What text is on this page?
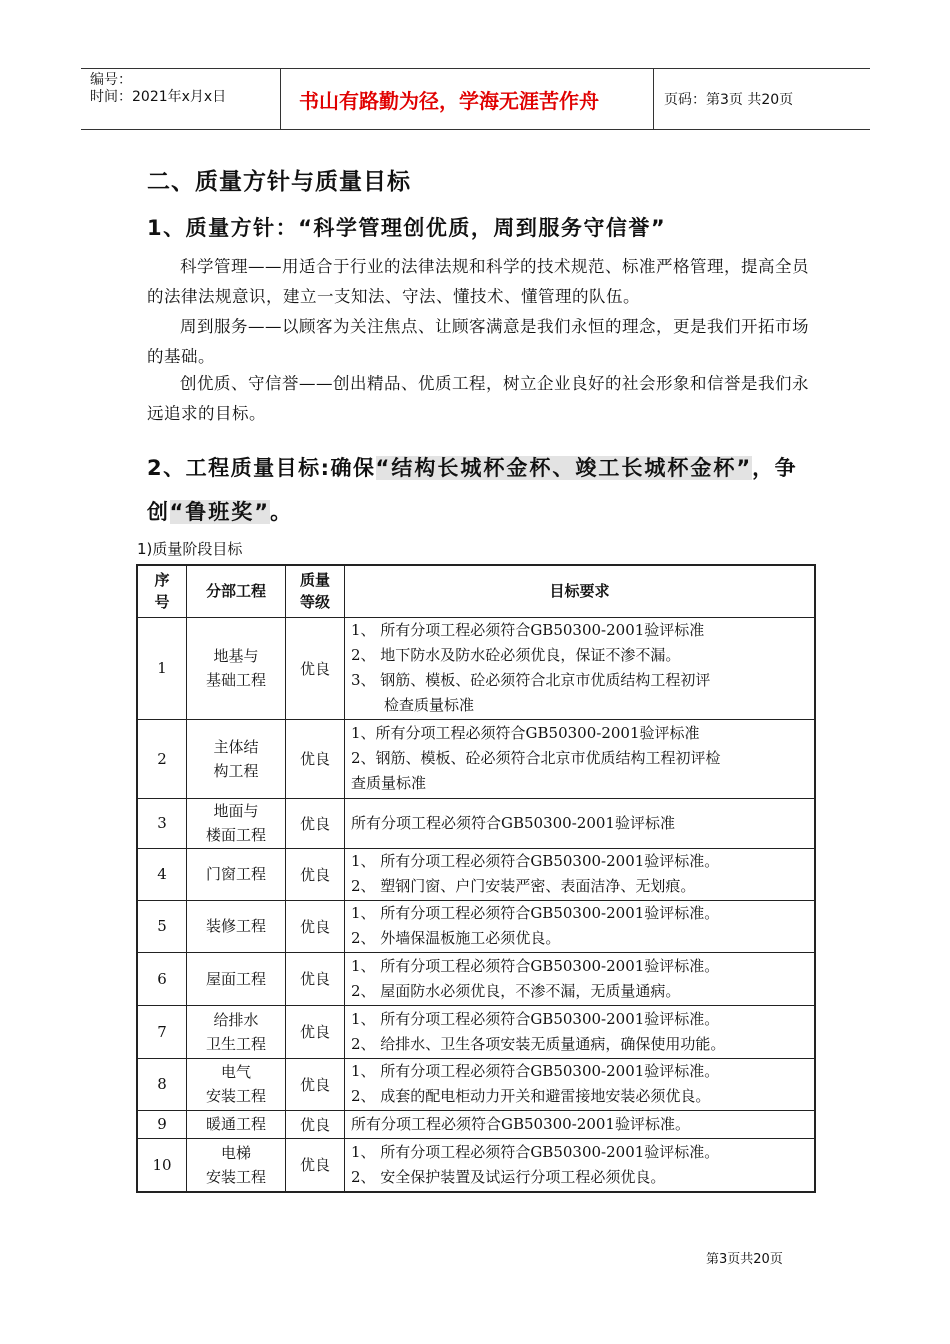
编号：
时间：2021年x月x日	书山有路勤为径，学海无涯苦作舟	页码：第3页 共20页
二、质量方针与质量目标
1、质量方针：“科学管理创优质，周到服务守信誉”
科学管理——用适合于行业的法律法规和科学的技术规范、标准严格管理，提高全员的法律法规意识，建立一支知法、守法、懂技术、懂管理的队伍。
周到服务——以顾客为关注焦点、让顾客满意是我们永恒的理念，更是我们开拓市场的基础。
创优质、守信誉——创出精品、优质工程，树立企业良好的社会形象和信誉是我们永远追求的目标。
2、工程质量目标:确保“结构长城杯金杯、竣工长城杯金杯”，争创“鲁班奖”。
1)质量阶段目标
序号	分部工程	质量等级	目标要求
1	地基与
基础工程	优良	1、 所有分项工程必须符合GB50300-2001验评标准
2、 地下防水及防水砼必须优良，保证不渗不漏。
3、 钢筋、模板、砼必须符合北京市优质结构工程初评
检查质量标准

2	主体结
构工程	优良	1、所有分项工程必须符合GB50300-2001验评标准
2、钢筋、模板、砼必须符合北京市优质结构工程初评检
查质量标准

3	地面与
楼面工程	优良	所有分项工程必须符合GB50300-2001验评标准

4	门窗工程	优良	1、 所有分项工程必须符合GB50300-2001验评标准。
2、 塑钢门窗、户门安装严密、表面洁净、无划痕。

5	装修工程	优良	1、 所有分项工程必须符合GB50300-2001验评标准。
2、 外墙保温板施工必须优良。

6	屋面工程	优良	1、 所有分项工程必须符合GB50300-2001验评标准。
2、 屋面防水必须优良，不渗不漏，无质量通病。

7	给排水
卫生工程	优良	1、 所有分项工程必须符合GB50300-2001验评标准。
2、 给排水、卫生各项安装无质量通病，确保使用功能。

8	电气
安装工程	优良	1、 所有分项工程必须符合GB50300-2001验评标准。
2、 成套的配电柜动力开关和避雷接地安装必须优良。

9	暖通工程	优良	所有分项工程必须符合GB50300-2001验评标准。

10	电梯
安装工程	优良	1、 所有分项工程必须符合GB50300-2001验评标准。
2、 安全保护装置及试运行分项工程必须优良。
第3页共20页
